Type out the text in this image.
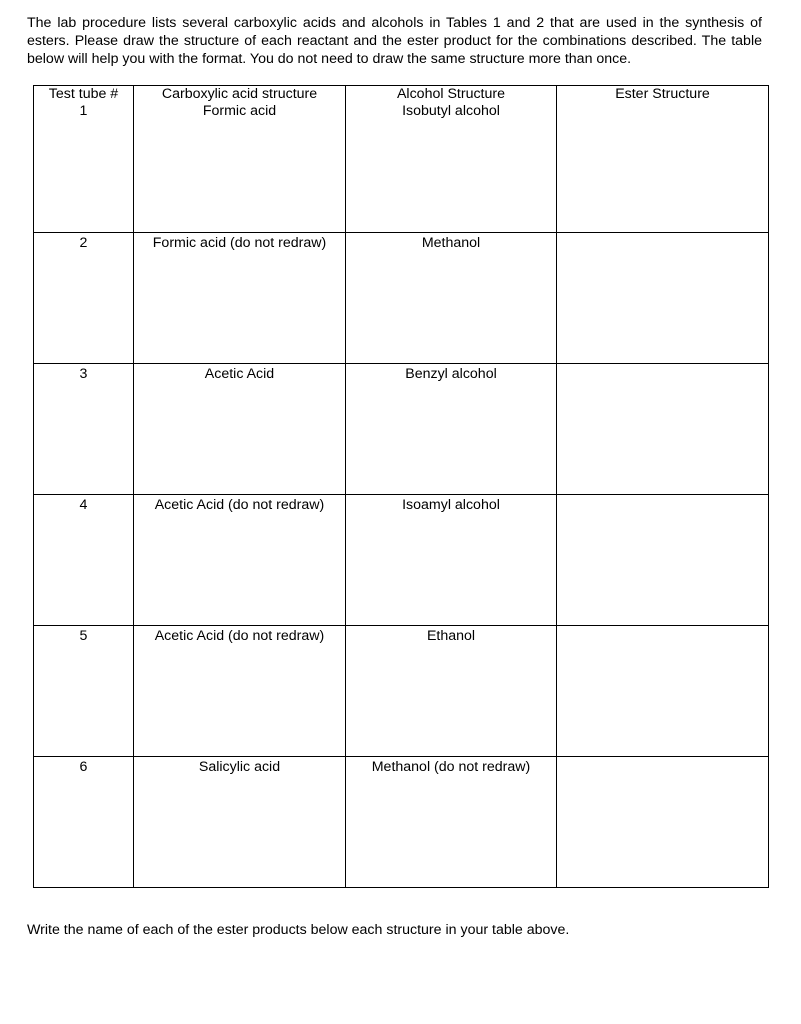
The lab procedure lists several carboxylic acids and alcohols in Tables 1 and 2 that are used in the synthesis of esters. Please draw the structure of each reactant and the ester product for the combinations described. The table below will help you with the format. You do not need to draw the same structure more than once.

Test tube #	Carboxylic acid structure	Alcohol Structure	Ester Structure

1	Formic acid	Isobutyl alcohol	

2	Formic acid (do not redraw)	Methanol	

3	Acetic Acid	Benzyl alcohol	

4	Acetic Acid (do not redraw)	Isoamyl alcohol	

5	Acetic Acid (do not redraw)	Ethanol	

6	Salicylic acid	Methanol (do not redraw)	

Write the name of each of the ester products below each structure in your table above.
